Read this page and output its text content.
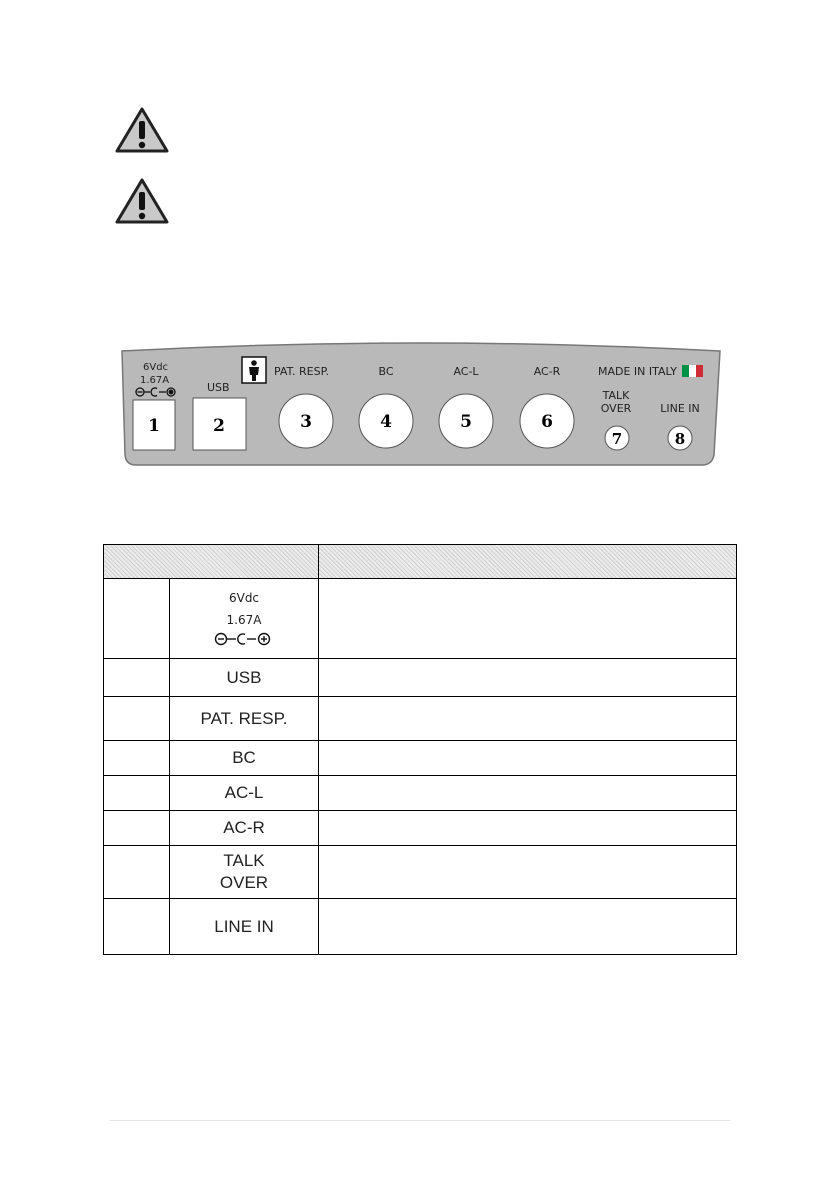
6Vdc
1.67A
1
USB
2
PAT. RESP.
3
BC
4
AC-L
5
AC-R
6
MADE IN ITALY
TALK
OVER
7
LINE IN
8

	6Vdc
1.67A

	USB	
	PAT. RESP.	
	BC	
	AC-L	
	AC-R	
	TALK
OVER	
	LINE IN	
